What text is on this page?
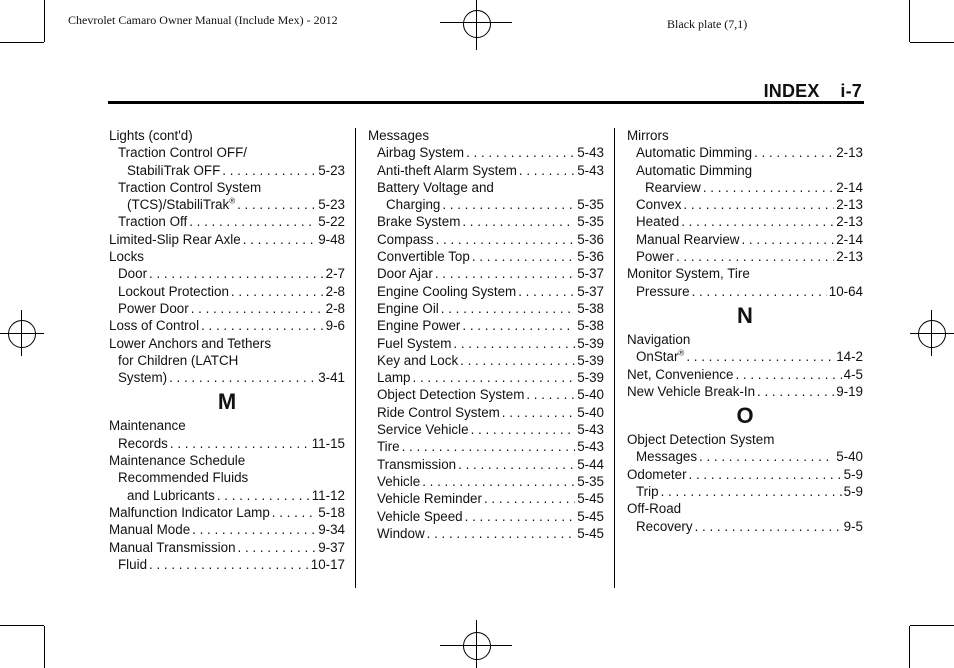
Chevrolet Camaro Owner Manual (Include Mex) - 2012	Black plate (7,1)
INDEX    i-7
Lights (cont'd)
Traction Control OFF/
StabiliTrak OFF . . .	5-23
Traction Control System
(TCS)/StabiliTrak® . . .	5-23
Traction Off . . .	5-22
Limited-Slip Rear Axle . . .	9-48
Locks
Door . . .	2-7
Lockout Protection . . .	2-8
Power Door . . .	2-8
Loss of Control . . .	9-6
Lower Anchors and Tethers
for Children (LATCH
System) . . .	3-41
M
Maintenance
Records . . .	11-15
Maintenance Schedule
Recommended Fluids
and Lubricants . . .	11-12
Malfunction Indicator Lamp . . .	5-18
Manual Mode . . .	9-34
Manual Transmission . . .	9-37
Fluid . . .	10-17
Messages
Airbag System . . .	5-43
Anti-theft Alarm System . . .	5-43
Battery Voltage and
Charging . . .	5-35
Brake System . . .	5-35
Compass . . .	5-36
Convertible Top . . .	5-36
Door Ajar . . .	5-37
Engine Cooling System . . .	5-37
Engine Oil . . .	5-38
Engine Power . . .	5-38
Fuel System . . .	5-39
Key and Lock . . .	5-39
Lamp . . .	5-39
Object Detection System . . .	5-40
Ride Control System . . .	5-40
Service Vehicle . . .	5-43
Tire . . .	5-43
Transmission . . .	5-44
Vehicle . . .	5-35
Vehicle Reminder . . .	5-45
Vehicle Speed . . .	5-45
Window . . .	5-45
Mirrors
Automatic Dimming . . .	2-13
Automatic Dimming
Rearview . . .	2-14
Convex . . .	2-13
Heated . . .	2-13
Manual Rearview . . .	2-14
Power . . .	2-13
Monitor System, Tire
Pressure . . .	10-64
N
Navigation
OnStar® . . .	14-2
Net, Convenience . . .	4-5
New Vehicle Break-In . . .	9-19
O
Object Detection System
Messages . . .	5-40
Odometer . . .	5-9
Trip . . .	5-9
Off-Road
Recovery . . .	9-5
